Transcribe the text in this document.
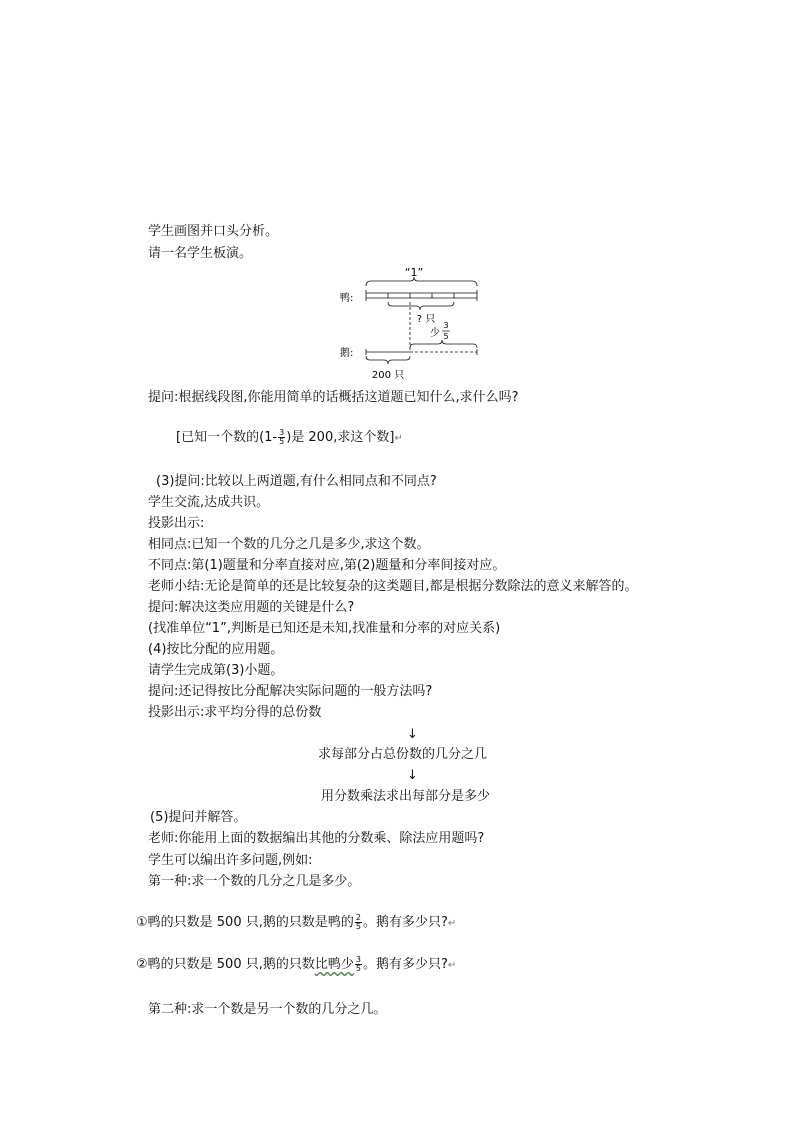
学生画图并口头分析。
请一名学生板演。
“1”
鸭:
? 只
少
3
5
鹅:
200 只
提问:根据线段图,你能用简单的话概括这道题已知什么,求什么吗?
[已知一个数的($1- \frac{3}{5}$ )是 200,求这个数]↵
(3)提问:比较以上两道题,有什么相同点和不同点?
学生交流,达成共识。
投影出示:
相同点:已知一个数的几分之几是多少,求这个数。
不同点:第(1)题量和分率直接对应,第(2)题量和分率间接对应。
老师小结:无论是简单的还是比较复杂的这类题目,都是根据分数除法的意义来解答的。
提问:解决这类应用题的关键是什么?
(找准单位“1”,判断是已知还是未知,找准量和分率的对应关系)
(4)按比分配的应用题。
请学生完成第(3)小题。
提问:还记得按比分配解决实际问题的一般方法吗?
投影出示:求平均分得的总份数
↓
求每部分占总份数的几分之几
↓
用分数乘法求出每部分是多少
(5)提问并解答。
老师:你能用上面的数据编出其他的分数乘、除法应用题吗?
学生可以编出许多问题,例如:
第一种:求一个数的几分之几是多少。
①鸭的只数是 500 只,鹅的只数是鸭的 $\frac{2}{5}$ 。鹅有多少只?↵
②鸭的只数是 500 只,鹅的只数比鸭少 $\frac{3}{5}$ 。鹅有多少只?↵
第二种:求一个数是另一个数的几分之几。
